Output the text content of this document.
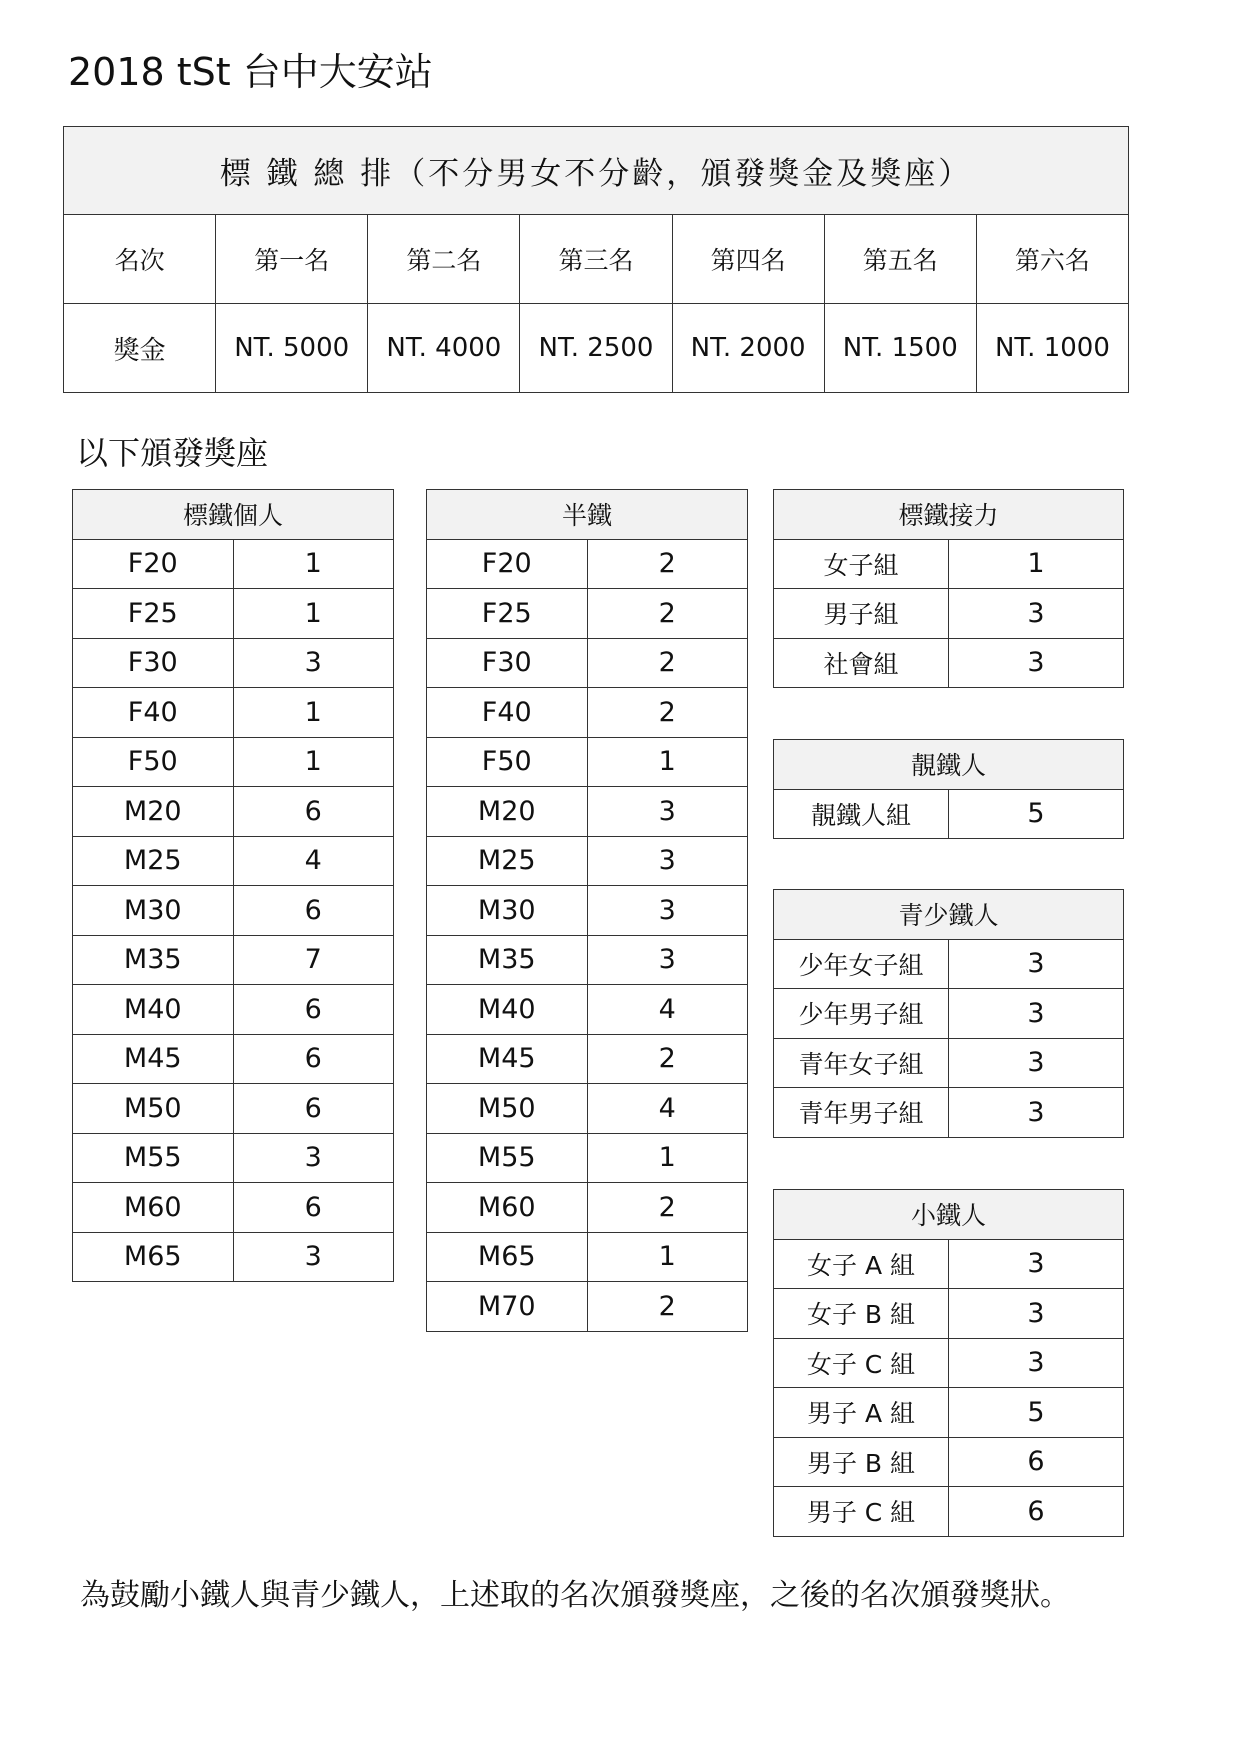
2018 tSt 台中大安站
標 鐵 總 排（不分男女不分齡，頒發獎金及獎座）						
名次	第一名	第二名	第三名	第四名	第五名	第六名
獎金	NT. 5000	NT. 4000	NT. 2500	NT. 2000	NT. 1500	NT. 1000
以下頒發獎座
標鐵個人	
F20	1
F25	1
F30	3
F40	1
F50	1
M20	6
M25	4
M30	6
M35	7
M40	6
M45	6
M50	6
M55	3
M60	6
M65	3
半鐵	
F20	2
F25	2
F30	2
F40	2
F50	1
M20	3
M25	3
M30	3
M35	3
M40	4
M45	2
M50	4
M55	1
M60	2
M65	1
M70	2
標鐵接力	
女子組	1
男子組	3
社會組	3
靚鐵人
靚鐵人組	5
青少鐵人	
少年女子組	3
少年男子組	3
青年女子組	3
青年男子組	3
小鐵人	
女子 A 組	3
女子 B 組	3
女子 C 組	3
男子 A 組	5
男子 B 組	6
男子 C 組	6
為鼓勵小鐵人與青少鐵人，上述取的名次頒發獎座，之後的名次頒發獎狀。
